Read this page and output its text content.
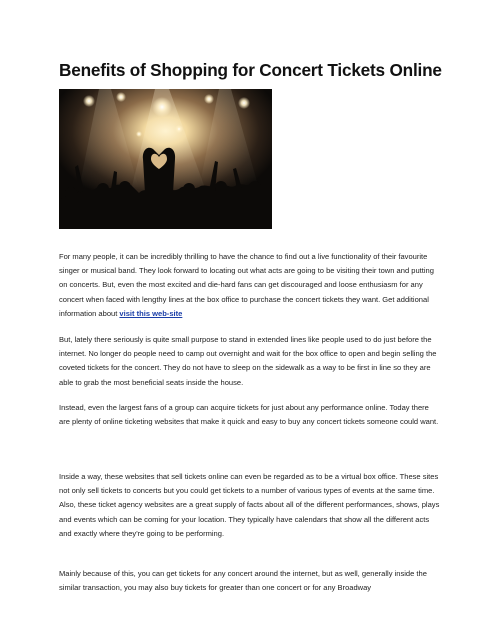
Benefits of Shopping for Concert Tickets Online

For many people, it can be incredibly thrilling to have the chance to find out a live functionality of their favourite singer or musical band. They look forward to locating out what acts are going to be visiting their town and putting on concerts. But, even the most excited and die-hard fans can get discouraged and loose enthusiasm for any concert when faced with lengthy lines at the box office to purchase the concert tickets they want. Get additional information about visit this web-site

But, lately there seriously is quite small purpose to stand in extended lines like people used to do just before the internet. No longer do people need to camp out overnight and wait for the box office to open and begin selling the coveted tickets for the concert. They do not have to sleep on the sidewalk as a way to be first in line so they are able to grab the most beneficial seats inside the house.

Instead, even the largest fans of a group can acquire tickets for just about any performance online. Today there are plenty of online ticketing websites that make it quick and easy to buy any concert tickets someone could want.

Inside a way, these websites that sell tickets online can even be regarded as to be a virtual box office. These sites not only sell tickets to concerts but you could get tickets to a number of various types of events at the same time. Also, these ticket agency websites are a great supply of facts about all of the different performances, shows, plays and events which can be coming for your location. They typically have calendars that show all the different acts and exactly where they're going to be performing.

Mainly because of this, you can get tickets for any concert around the internet, but as well, generally inside the similar transaction, you may also buy tickets for greater than one concert or for any Broadway
